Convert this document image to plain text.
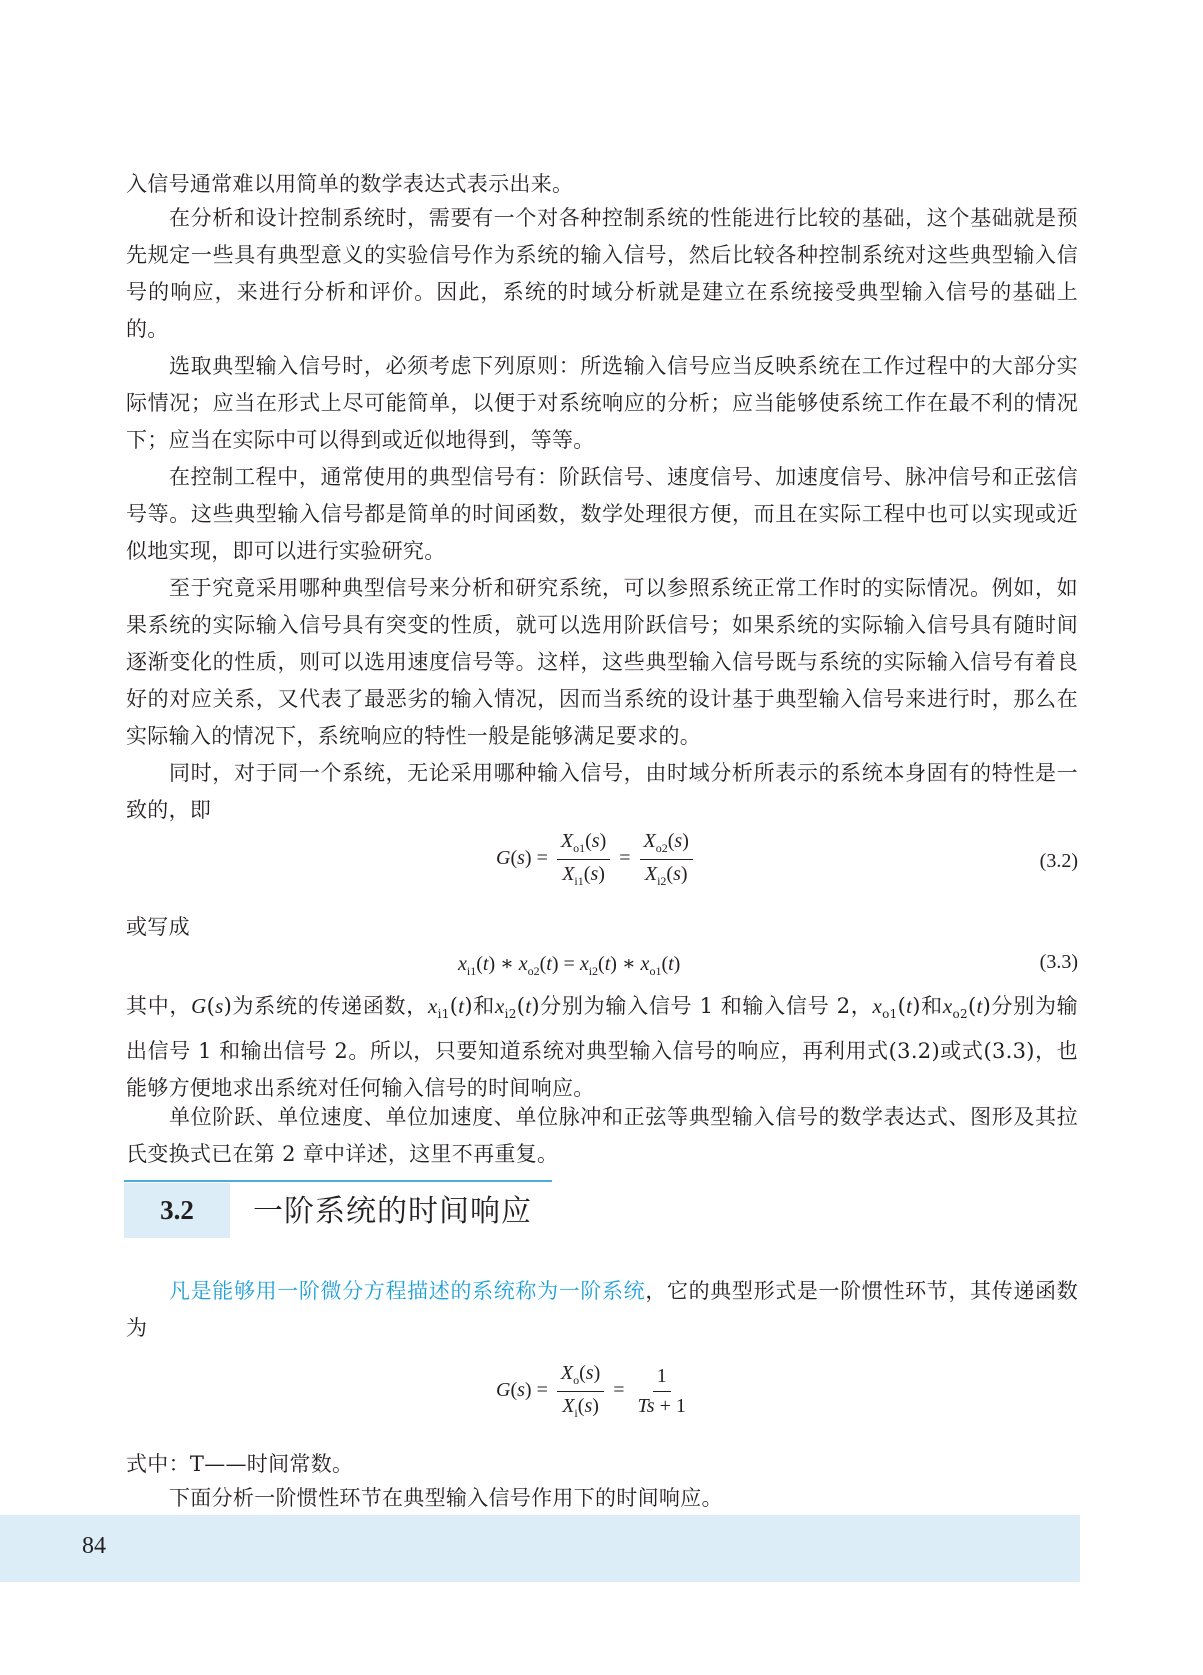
入信号通常难以用简单的数学表达式表示出来。

在分析和设计控制系统时，需要有一个对各种控制系统的性能进行比较的基础，这个基础就是预先规定一些具有典型意义的实验信号作为系统的输入信号，然后比较各种控制系统对这些典型输入信号的响应，来进行分析和评价。因此，系统的时域分析就是建立在系统接受典型输入信号的基础上的。

选取典型输入信号时，必须考虑下列原则：所选输入信号应当反映系统在工作过程中的大部分实际情况；应当在形式上尽可能简单，以便于对系统响应的分析；应当能够使系统工作在最不利的情况下；应当在实际中可以得到或近似地得到，等等。

在控制工程中，通常使用的典型信号有：阶跃信号、速度信号、加速度信号、脉冲信号和正弦信号等。这些典型输入信号都是简单的时间函数，数学处理很方便，而且在实际工程中也可以实现或近似地实现，即可以进行实验研究。

至于究竟采用哪种典型信号来分析和研究系统，可以参照系统正常工作时的实际情况。例如，如果系统的实际输入信号具有突变的性质，就可以选用阶跃信号；如果系统的实际输入信号具有随时间逐渐变化的性质，则可以选用速度信号等。这样，这些典型输入信号既与系统的实际输入信号有着良好的对应关系，又代表了最恶劣的输入情况，因而当系统的设计基于典型输入信号来进行时，那么在实际输入的情况下，系统响应的特性一般是能够满足要求的。

同时，对于同一个系统，无论采用哪种输入信号，由时域分析所表示的系统本身固有的特性是一致的，即

$G(s) = \frac{X_{o1}(s)}{X_{i1}(s)} = \frac{X_{o2}(s)}{X_{i2}(s)}$	(3.2)

或写成

$x_{i1}(t)$ ∗ $x_{o2}(t) = x_{i2}(t)$ ∗ $x_{o1}(t)$	(3.3)

其中，G(s)为系统的传递函数，$x_{i1}(t)$和$x_{i2}(t)$分别为输入信号 1 和输入信号 2，$x_{o1}(t)$和$x_{o2}(t)$分别为输出信号 1 和输出信号 2。所以，只要知道系统对典型输入信号的响应，再利用式(3.2)或式(3.3)，也能够方便地求出系统对任何输入信号的时间响应。

单位阶跃、单位速度、单位加速度、单位脉冲和正弦等典型输入信号的数学表达式、图形及其拉氏变换式已在第 2 章中详述，这里不再重复。

3.2	一阶系统的时间响应

凡是能够用一阶微分方程描述的系统称为一阶系统，它的典型形式是一阶惯性环节，其传递函数为

$G(s) = \frac{X_o(s)}{X_i(s)} = \frac{1}{Ts + 1}$

式中：T——时间常数。

下面分析一阶惯性环节在典型输入信号作用下的时间响应。

84
